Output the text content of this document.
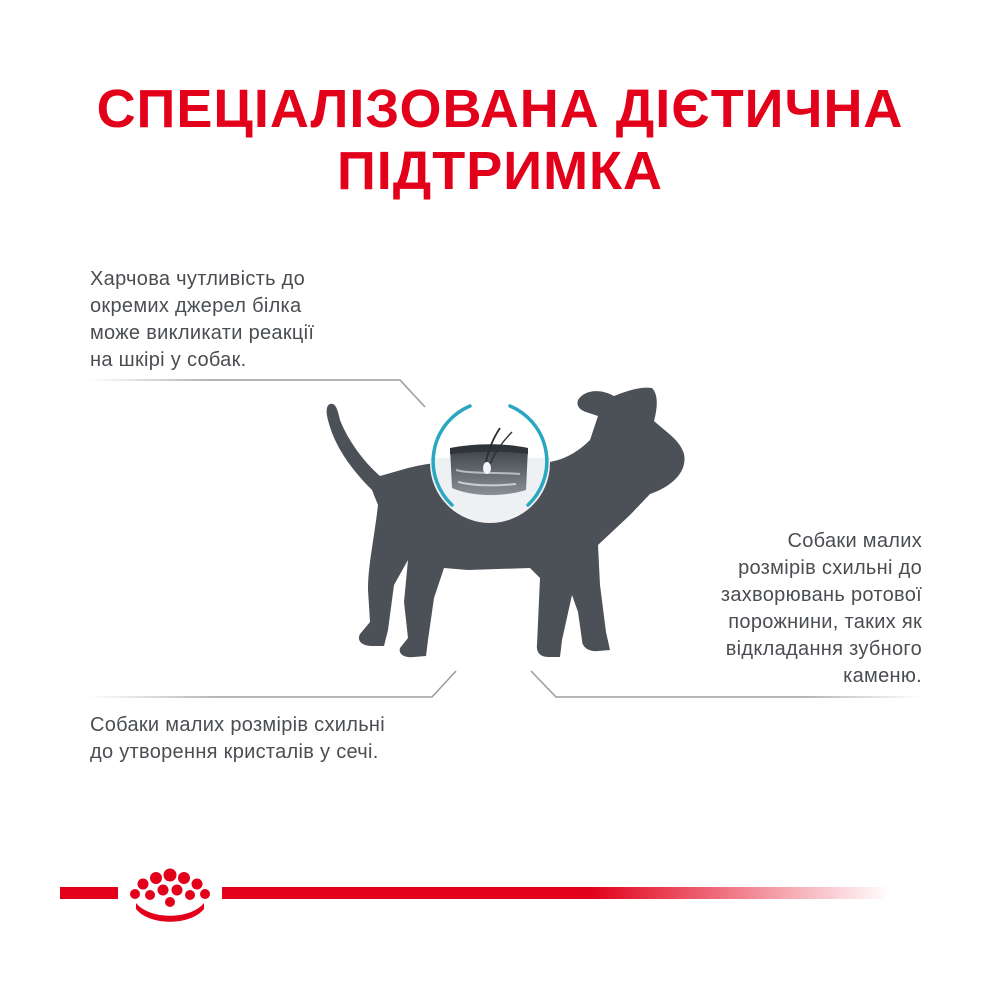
СПЕЦІАЛІЗОВАНА ДІЄТИЧНА
ПІДТРИМКА

Харчова чутливість до
окремих джерел білка
може викликати реакції
на шкірі у собак.

Собаки малих розмірів схильні
до утворення кристалів у сечі.

Собаки малих
розмірів схильні до
захворювань ротової
порожнини, таких як
відкладання зубного
каменю.
